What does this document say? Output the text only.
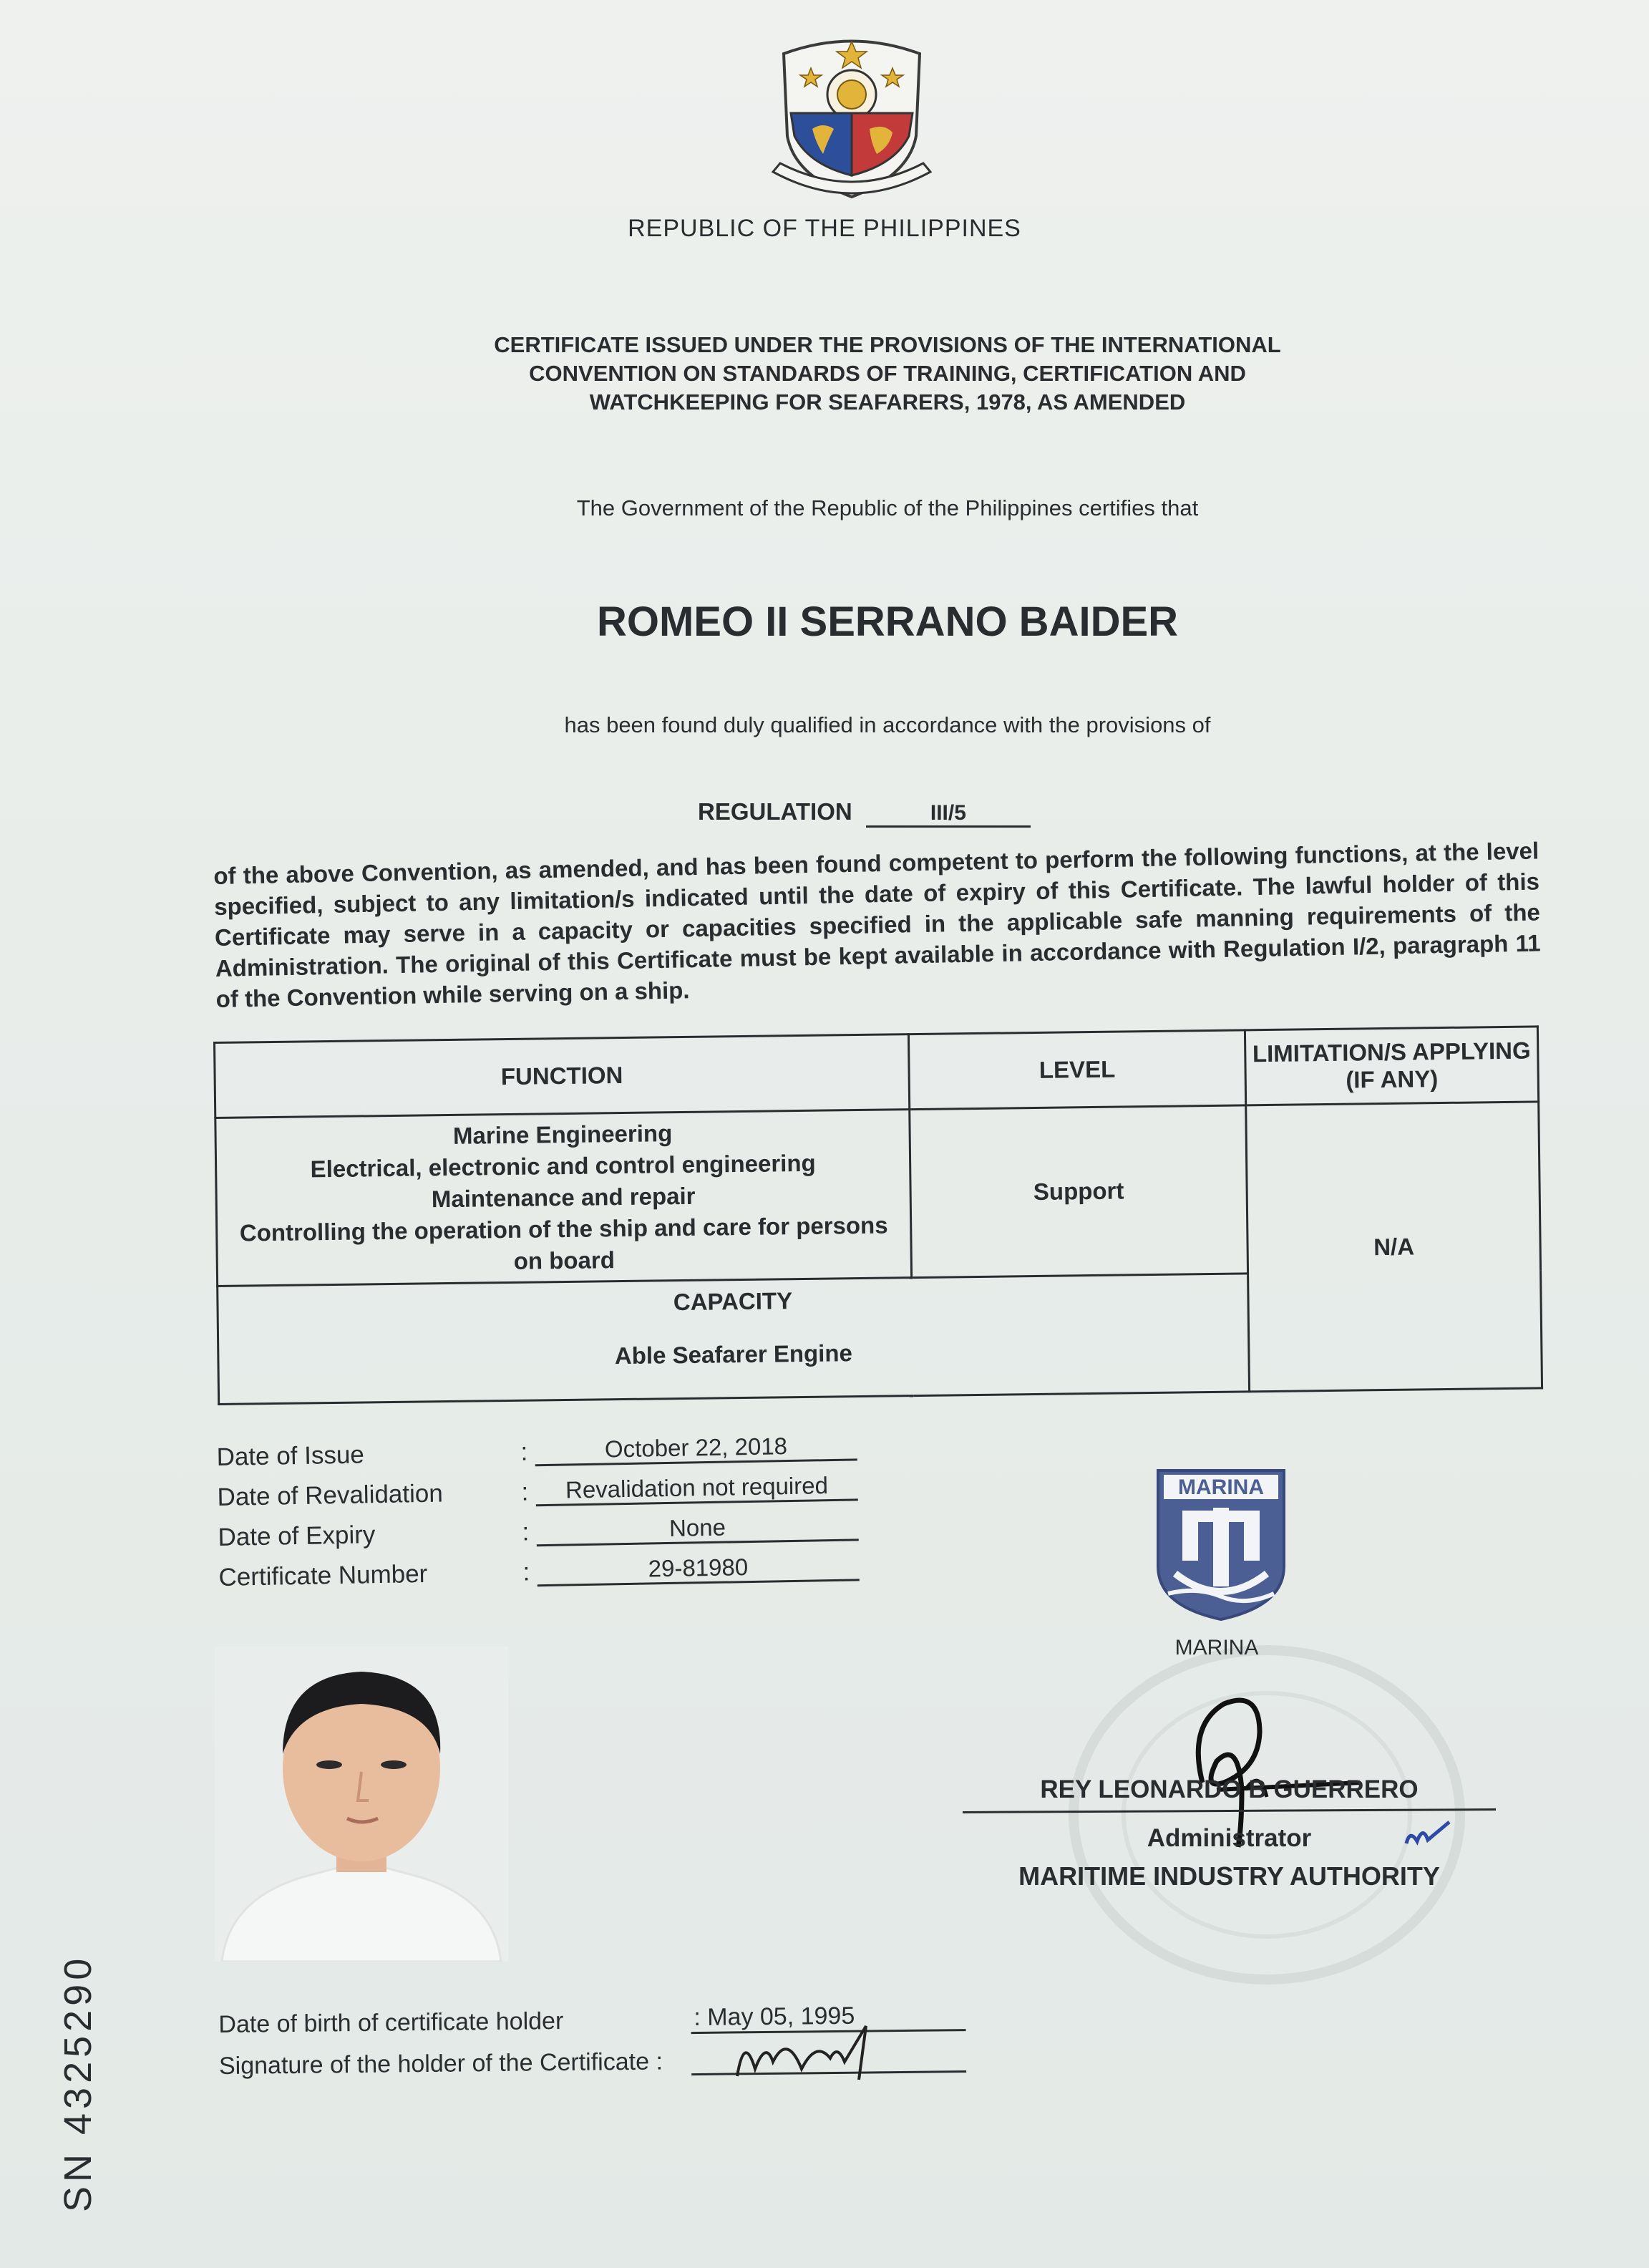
REPUBLIC OF THE PHILIPPINES
CERTIFICATE ISSUED UNDER THE PROVISIONS OF THE INTERNATIONAL
CONVENTION ON STANDARDS OF TRAINING, CERTIFICATION AND
WATCHKEEPING FOR SEAFARERS, 1978, AS AMENDED
The Government of the Republic of the Philippines certifies that
ROMEO II SERRANO BAIDER
has been found duly qualified in accordance with the provisions of
REGULATION	III/5
of the above Convention, as amended, and has been found competent to perform the following functions, at the level specified, subject to any limitation/s indicated until the date of expiry of this Certificate. The lawful holder of this Certificate may serve in a capacity or capacities specified in the applicable safe manning requirements of the Administration. The original of this Certificate must be kept available in accordance with Regulation I/2, paragraph 11 of the Convention while serving on a ship.
FUNCTION	LEVEL	LIMITATION/S APPLYING (IF ANY)

Marine Engineering
Electrical, electronic and control engineering
Maintenance and repair
Controlling the operation of the ship and care for persons on board	Support	N/A

CAPACITY
Able Seafarer Engine		
Date of Issue	:	October 22, 2018
Date of Revalidation	:	Revalidation not required
Date of Expiry	:	None
Certificate Number	:	29-81980
MARINA
MARINA
REY LEONARDO B GUERRERO
Administrator
MARITIME INDUSTRY AUTHORITY
Date of birth of certificate holder	: May 05, 1995
Signature of the holder of the Certificate :

SN 4325290
